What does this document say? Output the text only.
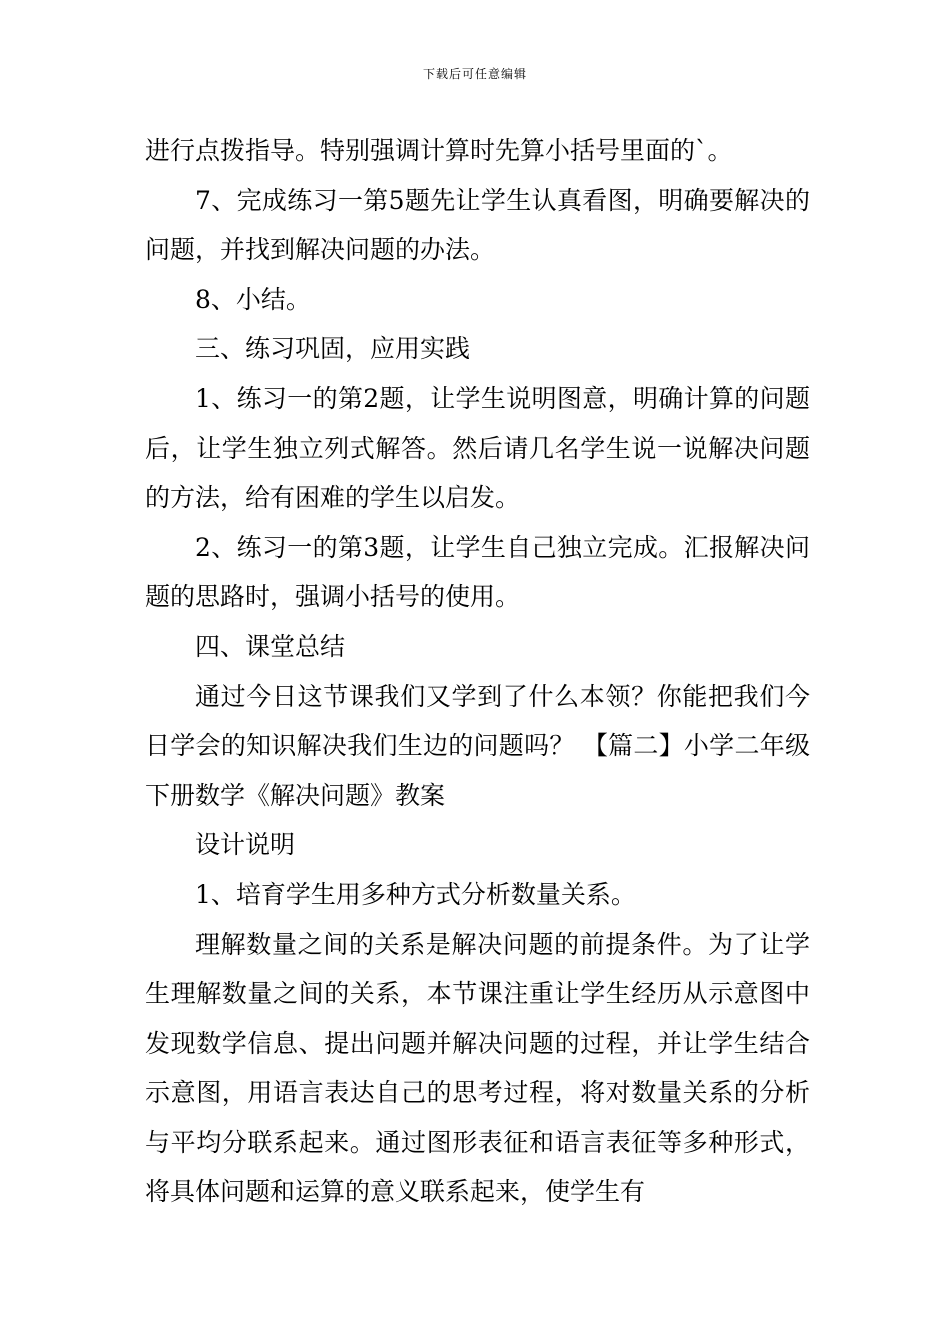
下载后可任意编辑

进行点拨指导。特别强调计算时先算小括号里面的`。

7、完成练习一第5题先让学生认真看图，明确要解决的问题，并找到解决问题的办法。

8、小结。

三、练习巩固，应用实践

1、练习一的第2题，让学生说明图意，明确计算的问题后，让学生独立列式解答。然后请几名学生说一说解决问题的方法，给有困难的学生以启发。

2、练习一的第3题，让学生自己独立完成。汇报解决问题的思路时，强调小括号的使用。

四、课堂总结

通过今日这节课我们又学到了什么本领？你能把我们今日学会的知识解决我们生边的问题吗？ 【篇二】小学二年级下册数学《解决问题》教案

设计说明

1、培育学生用多种方式分析数量关系。

理解数量之间的关系是解决问题的前提条件。为了让学生理解数量之间的关系，本节课注重让学生经历从示意图中发现数学信息、提出问题并解决问题的过程，并让学生结合示意图，用语言表达自己的思考过程，将对数量关系的分析与平均分联系起来。通过图形表征和语言表征等多种形式，将具体问题和运算的意义联系起来，使学生有
